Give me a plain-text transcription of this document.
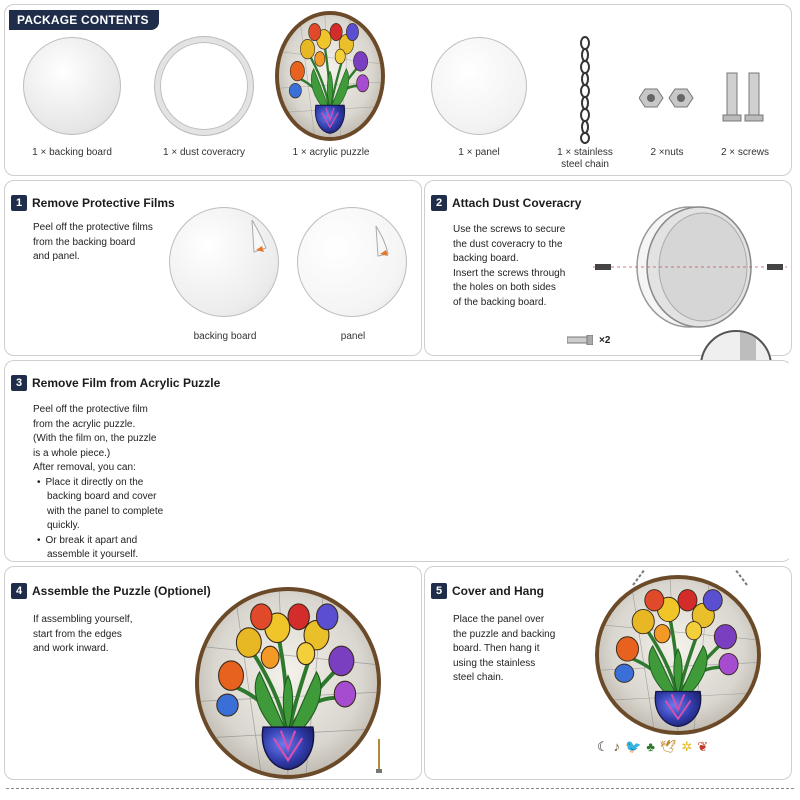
PACKAGE CONTENTS
1 × backing board	1 × dust coveracry	1 × acrylic puzzle	1 × panel	1 × stainless
steel chain
2 ×nuts	2 × screws
1 Remove Protective Films
Peel off the protective films
from the backing board
and panel.
backing board	panel
2 Attach Dust Coveracry
Use the screws to secure
the dust coveracry to the
backing board.
Insert the screws through
the holes on both sides
of the backing board.
×2
3 Remove Film from Acrylic Puzzle
Peel off the protective film
from the acrylic puzzle.
(With the film on, the puzzle
is a whole piece.)
After removal, you can:
• Place it directly on the
backing board and cover
with the panel to complete
quickly.
• Or break it apart and
assemble it yourself.
4 Assemble the Puzzle (Optionel)
If assembling yourself,
start from the edges
and work inward.
5 Cover and Hang
Place the panel over
the puzzle and backing
board. Then hang it
using the stainless
steel chain.
☾ ♪ 🐦 ♣ 🕊 ✲ ❦
